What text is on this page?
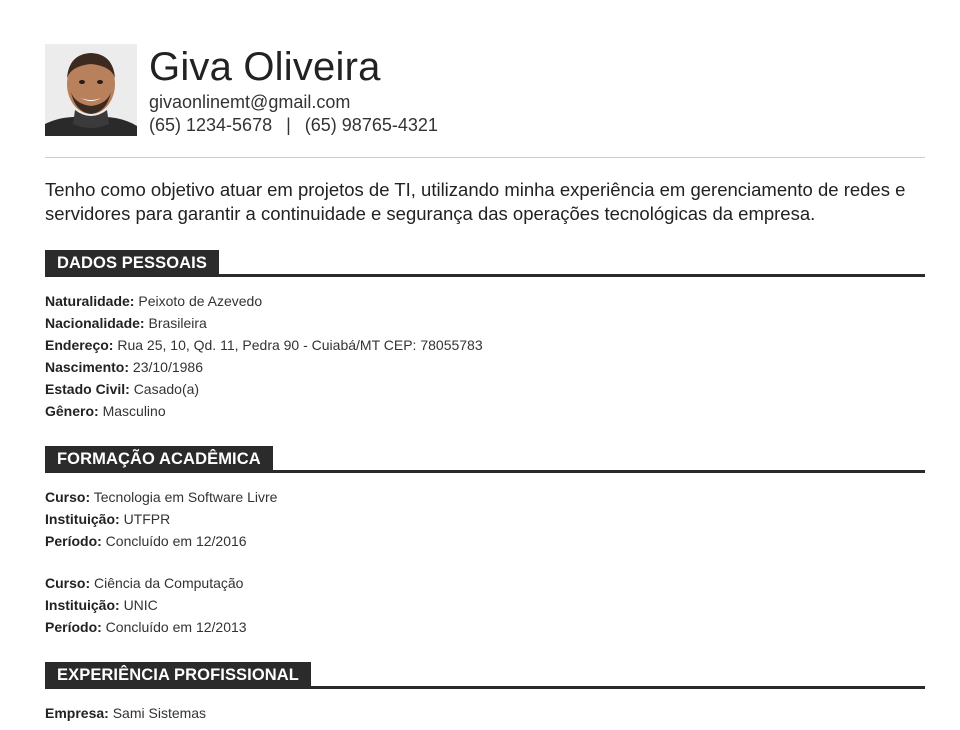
Giva Oliveira
givaonlinemt@gmail.com
(65) 1234-5678 | (65) 98765-4321
Tenho como objetivo atuar em projetos de TI, utilizando minha experiência em gerenciamento de redes e servidores para garantir a continuidade e segurança das operações tecnológicas da empresa.
DADOS PESSOAIS
Naturalidade: Peixoto de Azevedo
Nacionalidade: Brasileira
Endereço: Rua 25, 10, Qd. 11, Pedra 90 - Cuiabá/MT CEP: 78055783
Nascimento: 23/10/1986
Estado Civil: Casado(a)
Gênero: Masculino
FORMAÇÃO ACADÊMICA
Curso: Tecnologia em Software Livre
Instituição: UTFPR
Período: Concluído em 12/2016
Curso: Ciência da Computação
Instituição: UNIC
Período: Concluído em 12/2013
EXPERIÊNCIA PROFISSIONAL
Empresa: Sami Sistemas
